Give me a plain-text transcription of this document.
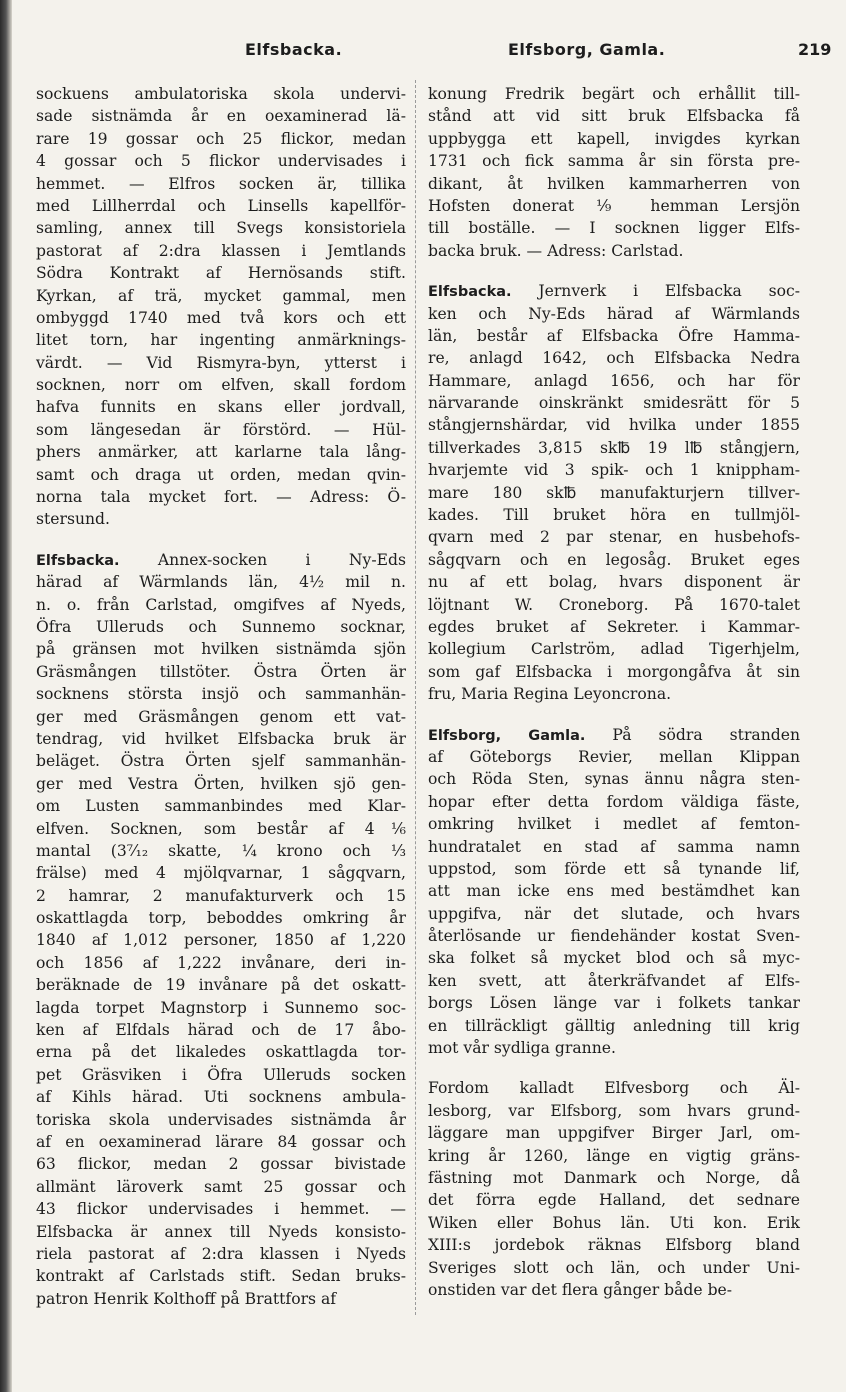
Elfsbacka.	Elfsborg, Gamla.	219
sockuens ambulatoriska skola undervi-
sade sistnämda år en oexaminerad lä-
rare 19 gossar och 25 flickor, medan
4 gossar och 5 flickor undervisades i
hemmet. — Elfros socken är, tillika
med Lillherrdal och Linsells kapellför-
samling, annex till Svegs konsistoriela
pastorat af 2:dra klassen i Jemtlands
Södra Kontrakt af Hernösands stift.
Kyrkan, af trä, mycket gammal, men
ombyggd 1740 med två kors och ett
litet torn, har ingenting anmärknings-
värdt. — Vid Rismyra-byn, ytterst i
socknen, norr om elfven, skall fordom
hafva funnits en skans eller jordvall,
som längesedan är förstörd. — Hül-
phers anmärker, att karlarne tala lång-
samt och draga ut orden, medan qvin-
norna tala mycket fort. — Adress: Ö-
stersund.
Elfsbacka. Annex-socken i Ny-Eds
härad af Wärmlands län, 4½ mil n.
n. o. från Carlstad, omgifves af Nyeds,
Öfra Ulleruds och Sunnemo socknar,
på gränsen mot hvilken sistnämda sjön
Gräsmången tillstöter. Östra Örten är
socknens största insjö och sammanhän-
ger med Gräsmången genom ett vat-
tendrag, vid hvilket Elfsbacka bruk är
beläget. Östra Örten sjelf sammanhän-
ger med Vestra Örten, hvilken sjö gen-
om Lusten sammanbindes med Klar-
elfven. Socknen, som består af 4⅙
mantal (3⁷⁄₁₂ skatte, ¼ krono och ⅓
frälse) med 4 mjölqvarnar, 1 sågqvarn,
2 hamrar, 2 manufakturverk och 15
oskattlagda torp, beboddes omkring år
1840 af 1,012 personer, 1850 af 1,220
och 1856 af 1,222 invånare, deri in-
beräknade de 19 invånare på det oskatt-
lagda torpet Magnstorp i Sunnemo soc-
ken af Elfdals härad och de 17 åbo-
erna på det likaledes oskattlagda tor-
pet Gräsviken i Öfra Ulleruds socken
af Kihls härad. Uti socknens ambula-
toriska skola undervisades sistnämda år
af en oexaminerad lärare 84 gossar och
63 flickor, medan 2 gossar bivistade
allmänt läroverk samt 25 gossar och
43 flickor undervisades i hemmet. —
Elfsbacka är annex till Nyeds konsisto-
riela pastorat af 2:dra klassen i Nyeds
kontrakt af Carlstads stift. Sedan bruks-
patron Henrik Kolthoff på Brattfors af
konung Fredrik begärt och erhållit till-
stånd att vid sitt bruk Elfsbacka få
uppbygga ett kapell, invigdes kyrkan
1731 och fick samma år sin första pre-
dikant, åt hvilken kammarherren von
Hofsten donerat ⅑ hemman Lersjön
till boställe. — I socknen ligger Elfs-
backa bruk. — Adress: Carlstad.
Elfsbacka. Jernverk i Elfsbacka soc-
ken och Ny-Eds härad af Wärmlands
län, består af Elfsbacka Öfre Hamma-
re, anlagd 1642, och Elfsbacka Nedra
Hammare, anlagd 1656, och har för
närvarande oinskränkt smidesrätt för 5
stångjernshärdar, vid hvilka under 1855
tillverkades 3,815 sk℔ 19 l℔ stångjern,
hvarjemte vid 3 spik- och 1 knippham-
mare 180 sk℔ manufakturjern tillver-
kades. Till bruket höra en tullmjöl-
qvarn med 2 par stenar, en husbehofs-
sågqvarn och en legosåg. Bruket eges
nu af ett bolag, hvars disponent är
löjtnant W. Croneborg. På 1670-talet
egdes bruket af Sekreter. i Kammar-
kollegium Carlström, adlad Tigerhjelm,
som gaf Elfsbacka i morgongåfva åt sin
fru, Maria Regina Leyoncrona.
Elfsborg, Gamla. På södra stranden
af Göteborgs Revier, mellan Klippan
och Röda Sten, synas ännu några sten-
hopar efter detta fordom väldiga fäste,
omkring hvilket i medlet af femton-
hundratalet en stad af samma namn
uppstod, som förde ett så tynande lif,
att man icke ens med bestämdhet kan
uppgifva, när det slutade, och hvars
återlösande ur fiendehänder kostat Sven-
ska folket så mycket blod och så myc-
ken svett, att återkräfvandet af Elfs-
borgs Lösen länge var i folkets tankar
en tillräckligt gälltig anledning till krig
mot vår sydliga granne.
Fordom kalladt Elfvesborg och Äl-
lesborg, var Elfsborg, som hvars grund-
läggare man uppgifver Birger Jarl, om-
kring år 1260, länge en vigtig gräns-
fästning mot Danmark och Norge, då
det förra egde Halland, det sednare
Wiken eller Bohus län. Uti kon. Erik
XIII:s jordebok räknas Elfsborg bland
Sveriges slott och län, och under Uni-
onstiden var det flera gånger både be-
